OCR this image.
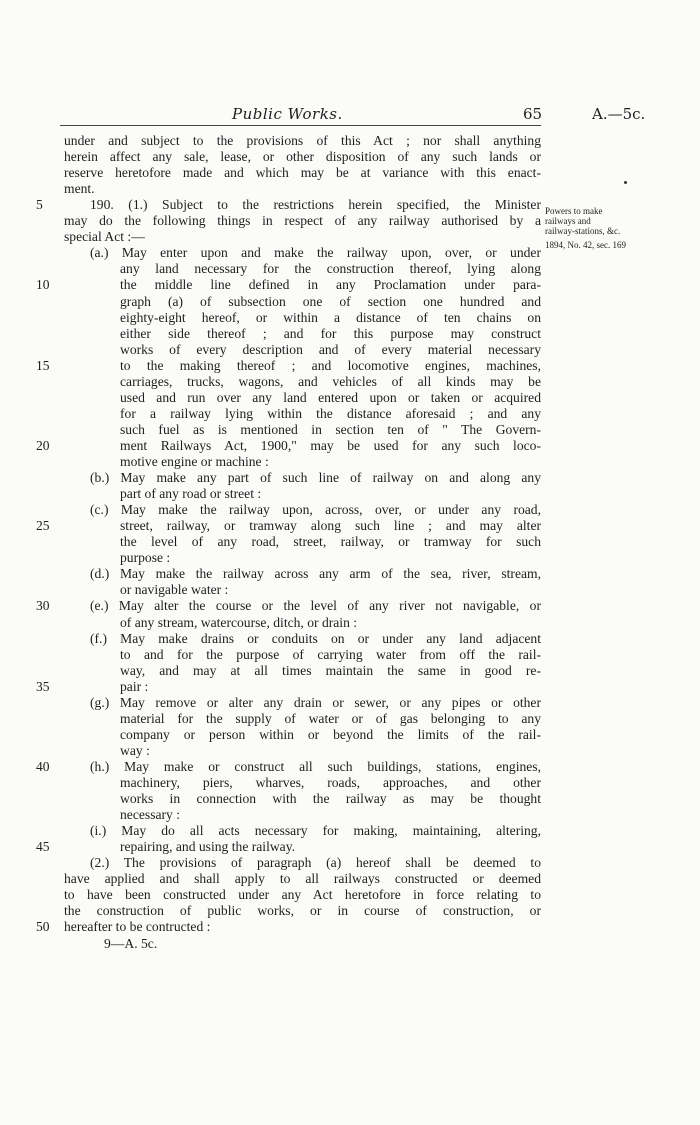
Public Works.	65	A.—5c.
under and subject to the provisions of this Act ; nor shall anything
herein affect any sale, lease, or other disposition of any such lands or
reserve heretofore made and which may be at variance with this enact-
ment.
5	190. (1.) Subject to the restrictions herein specified, the Minister
may do the following things in respect of any railway authorised by a
special Act :—
(a.) May enter upon and make the railway upon, over, or under
any land necessary for the construction thereof, lying along
10	the middle line defined in any Proclamation under para-
graph (a) of subsection one of section one hundred and
eighty-eight hereof, or within a distance of ten chains on
either side thereof ; and for this purpose may construct
works of every description and of every material necessary
15	to the making thereof ; and locomotive engines, machines,
carriages, trucks, wagons, and vehicles of all kinds may be
used and run over any land entered upon or taken or acquired
for a railway lying within the distance aforesaid ; and any
such fuel as is mentioned in section ten of " The Govern-
20	ment Railways Act, 1900," may be used for any such loco-
motive engine or machine :
(b.) May make any part of such line of railway on and along any
part of any road or street :
(c.) May make the railway upon, across, over, or under any road,
25	street, railway, or tramway along such line ; and may alter
the level of any road, street, railway, or tramway for such
purpose :
(d.) May make the railway across any arm of the sea, river, stream,
or navigable water :
30	(e.) May alter the course or the level of any river not navigable, or
of any stream, watercourse, ditch, or drain :
(f.) May make drains or conduits on or under any land adjacent
to and for the purpose of carrying water from off the rail-
way, and may at all times maintain the same in good re-
35	pair :
(g.) May remove or alter any drain or sewer, or any pipes or other
material for the supply of water or of gas belonging to any
company or person within or beyond the limits of the rail-
way :
40	(h.) May make or construct all such buildings, stations, engines,
machinery, piers, wharves, roads, approaches, and other
works in connection with the railway as may be thought
necessary :
(i.) May do all acts necessary for making, maintaining, altering,
45	repairing, and using the railway.
(2.) The provisions of paragraph (a) hereof shall be deemed to
have applied and shall apply to all railways constructed or deemed
to have been constructed under any Act heretofore in force relating to
the construction of public works, or in course of construction, or
50	hereafter to be contructed :
9—A. 5c.
Powers to make
railways and
railway-stations, &c.
1894, No. 42, sec. 169
